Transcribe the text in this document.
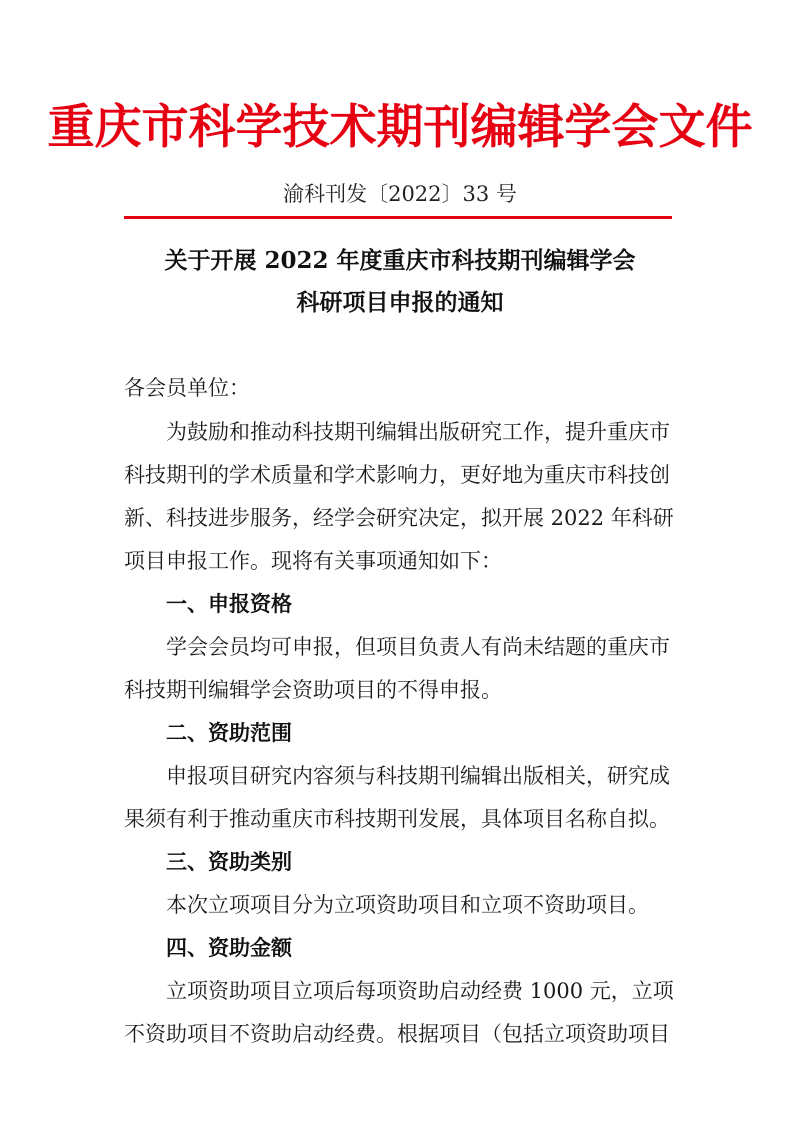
重庆市科学技术期刊编辑学会文件
渝科刊发〔2022〕33 号
关于开展 2022 年度重庆市科技期刊编辑学会
科研项目申报的通知
各会员单位：
为鼓励和推动科技期刊编辑出版研究工作，提升重庆市
科技期刊的学术质量和学术影响力，更好地为重庆市科技创
新、科技进步服务，经学会研究决定，拟开展 2022 年科研
项目申报工作。现将有关事项通知如下：
一、申报资格
学会会员均可申报，但项目负责人有尚未结题的重庆市
科技期刊编辑学会资助项目的不得申报。
二、资助范围
申报项目研究内容须与科技期刊编辑出版相关，研究成
果须有利于推动重庆市科技期刊发展，具体项目名称自拟。
三、资助类别
本次立项项目分为立项资助项目和立项不资助项目。
四、资助金额
立项资助项目立项后每项资助启动经费 1000 元，立项
不资助项目不资助启动经费。根据项目（包括立项资助项目
